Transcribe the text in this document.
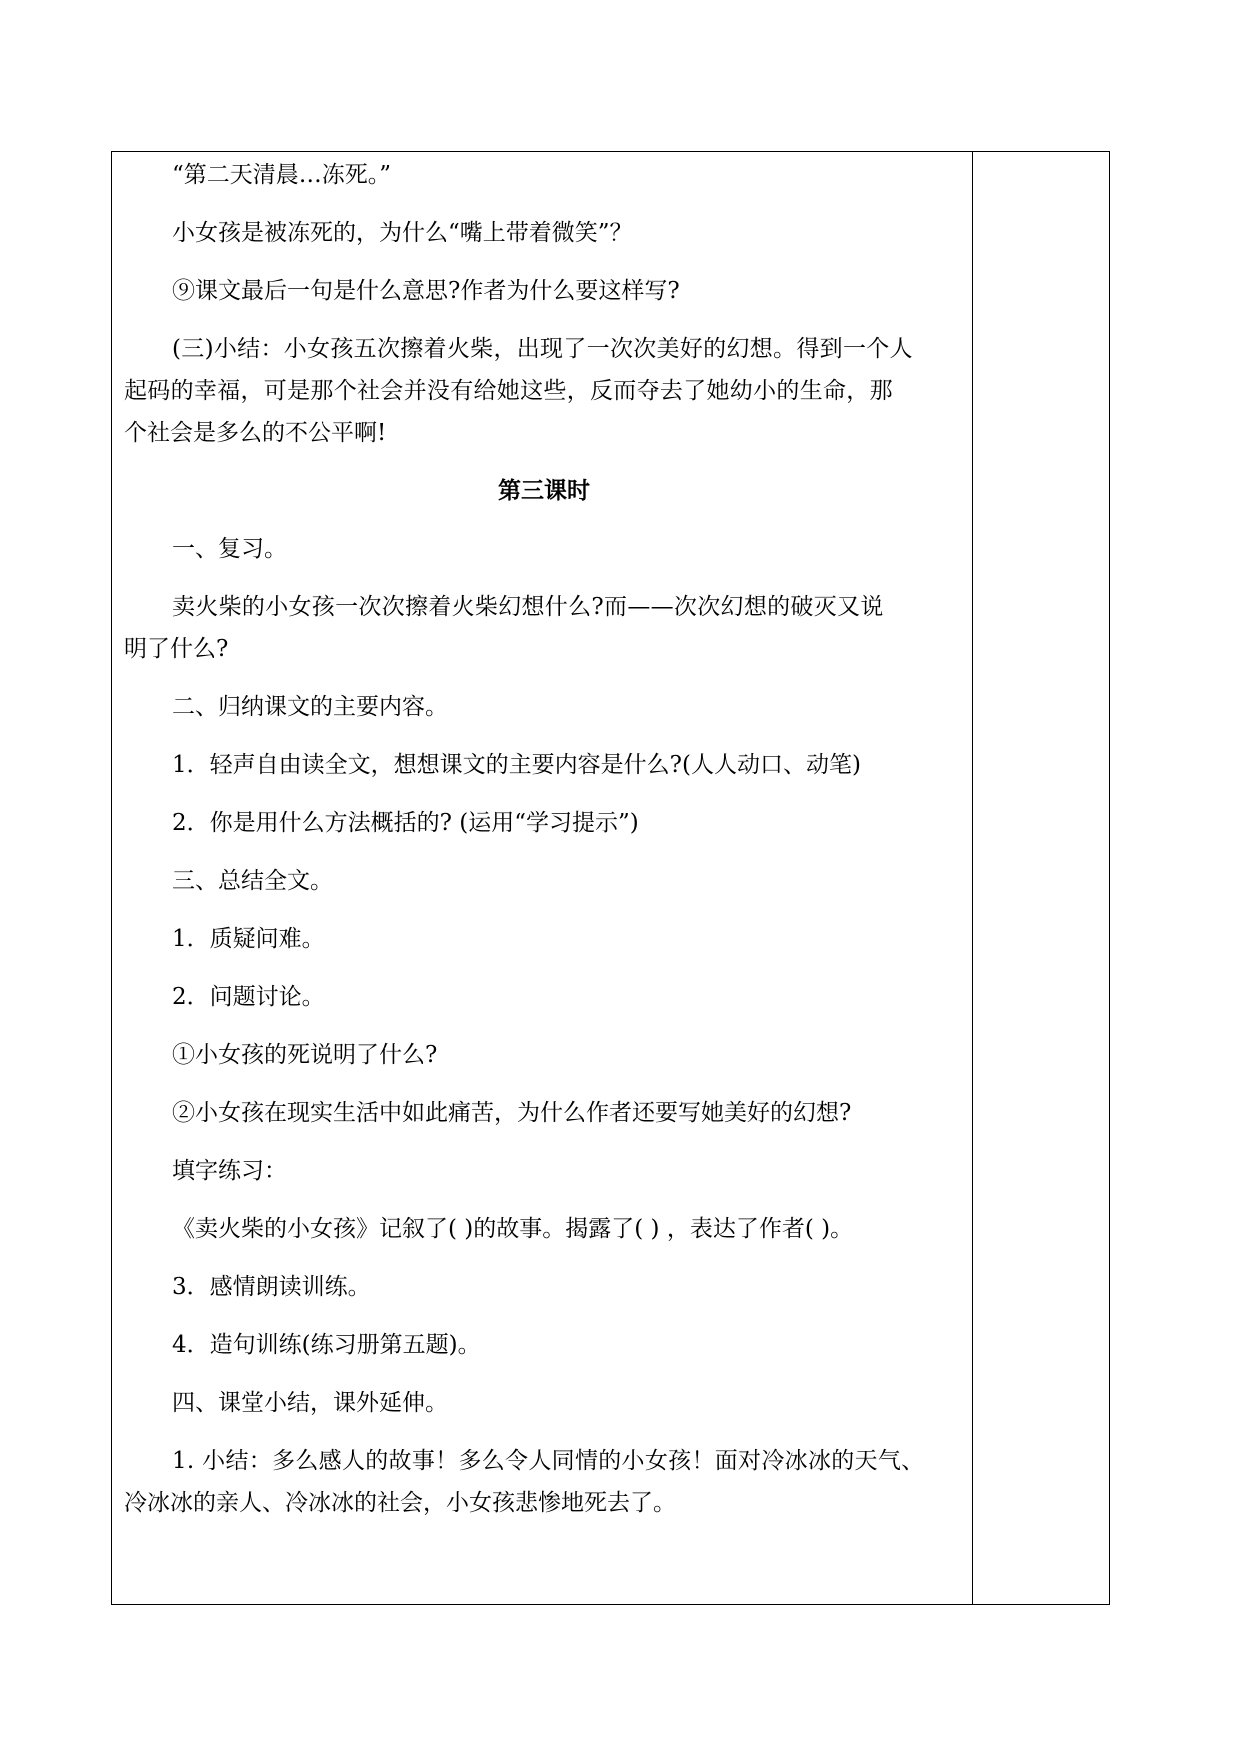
“第二天清晨…冻死。”
小女孩是被冻死的，为什么“嘴上带着微笑”？
⑨课文最后一句是什么意思?作者为什么要这样写?
(三)小结：小女孩五次擦着火柴，出现了一次次美好的幻想。得到一个人
起码的幸福，可是那个社会并没有给她这些，反而夺去了她幼小的生命，那
个社会是多么的不公平啊!
第三课时
一、复习。
卖火柴的小女孩一次次擦着火柴幻想什么?而——次次幻想的破灭又说
明了什么?
二、归纳课文的主要内容。
1．轻声自由读全文，想想课文的主要内容是什么?(人人动口、动笔)
2．你是用什么方法概括的? (运用“学习提示”)
三、总结全文。
1．质疑问难。
2．问题讨论。
①小女孩的死说明了什么?
②小女孩在现实生活中如此痛苦，为什么作者还要写她美好的幻想?
填字练习：
《卖火柴的小女孩》记叙了( )的故事。揭露了( ) ，表达了作者( )。
3．感情朗读训练。
4．造句训练(练习册第五题)。
四、课堂小结，课外延伸。
1. 小结：多么感人的故事！多么令人同情的小女孩！面对冷冰冰的天气、
冷冰冰的亲人、冷冰冰的社会，小女孩悲惨地死去了。
